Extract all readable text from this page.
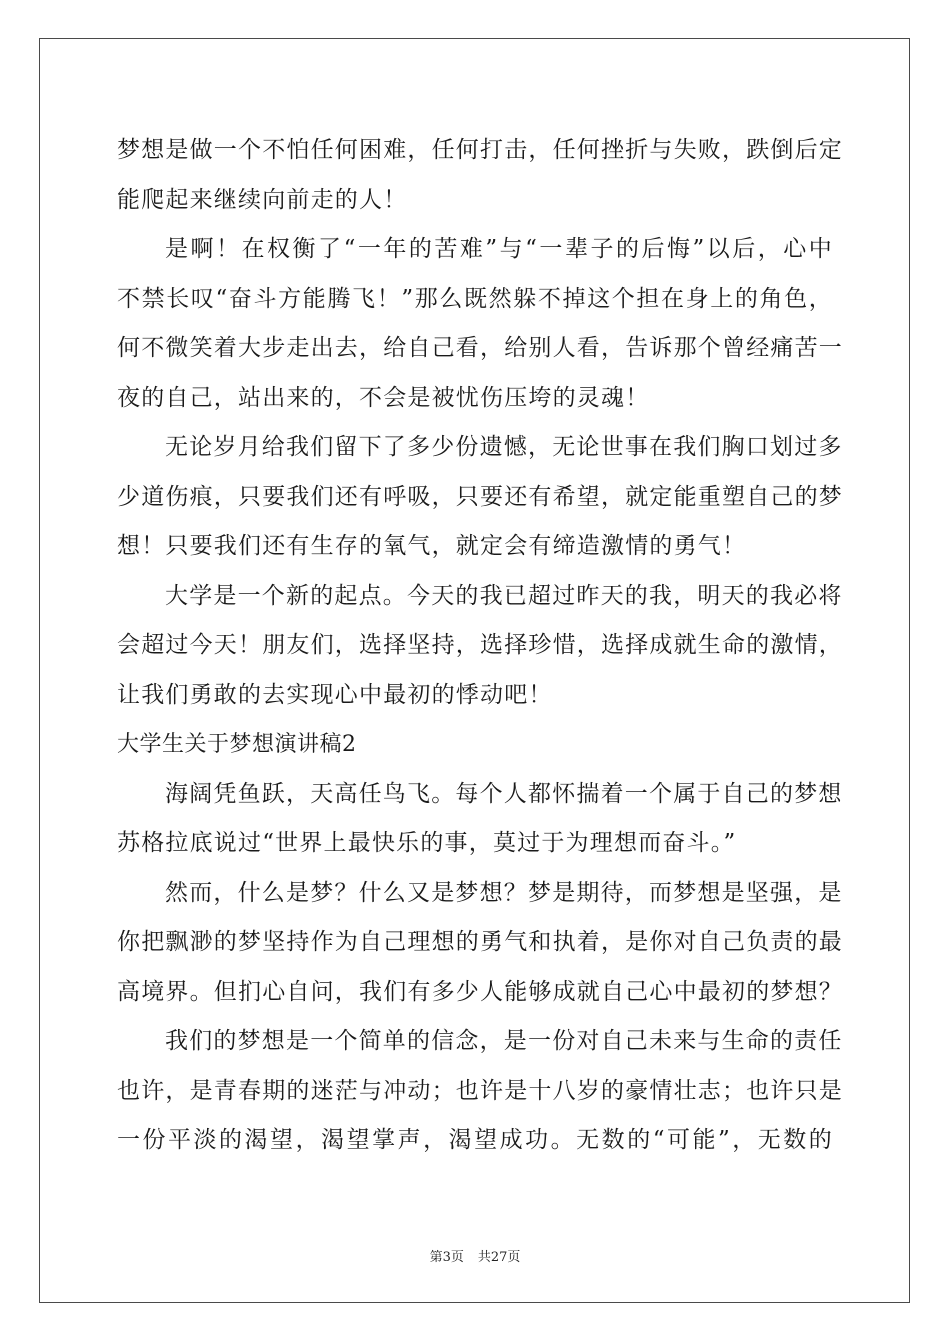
梦想是做一个不怕任何困难，任何打击，任何挫折与失败，跌倒后定
能爬起来继续向前走的人！
是啊！在权衡了“一年的苦难”与“一辈子的后悔”以后，心中
不禁长叹“奋斗方能腾飞！”那么既然躲不掉这个担在身上的角色，
何不微笑着大步走出去，给自己看，给别人看，告诉那个曾经痛苦一
夜的自己，站出来的，不会是被忧伤压垮的灵魂！
无论岁月给我们留下了多少份遗憾，无论世事在我们胸口划过多
少道伤痕，只要我们还有呼吸，只要还有希望，就定能重塑自己的梦
想！只要我们还有生存的氧气，就定会有缔造激情的勇气！
大学是一个新的起点。今天的我已超过昨天的我，明天的我必将
会超过今天！朋友们，选择坚持，选择珍惜，选择成就生命的激情，
让我们勇敢的去实现心中最初的悸动吧！
大学生关于梦想演讲稿2
海阔凭鱼跃，天高任鸟飞。每个人都怀揣着一个属于自己的梦想
苏格拉底说过“世界上最快乐的事，莫过于为理想而奋斗。”
然而，什么是梦？什么又是梦想？梦是期待，而梦想是坚强，是
你把飘渺的梦坚持作为自己理想的勇气和执着，是你对自己负责的最
高境界。但扪心自问，我们有多少人能够成就自己心中最初的梦想？
我们的梦想是一个简单的信念，是一份对自己未来与生命的责任
也许，是青春期的迷茫与冲动；也许是十八岁的豪情壮志；也许只是
一份平淡的渴望，渴望掌声，渴望成功。无数的“可能”，无数的
第3页 共27页
